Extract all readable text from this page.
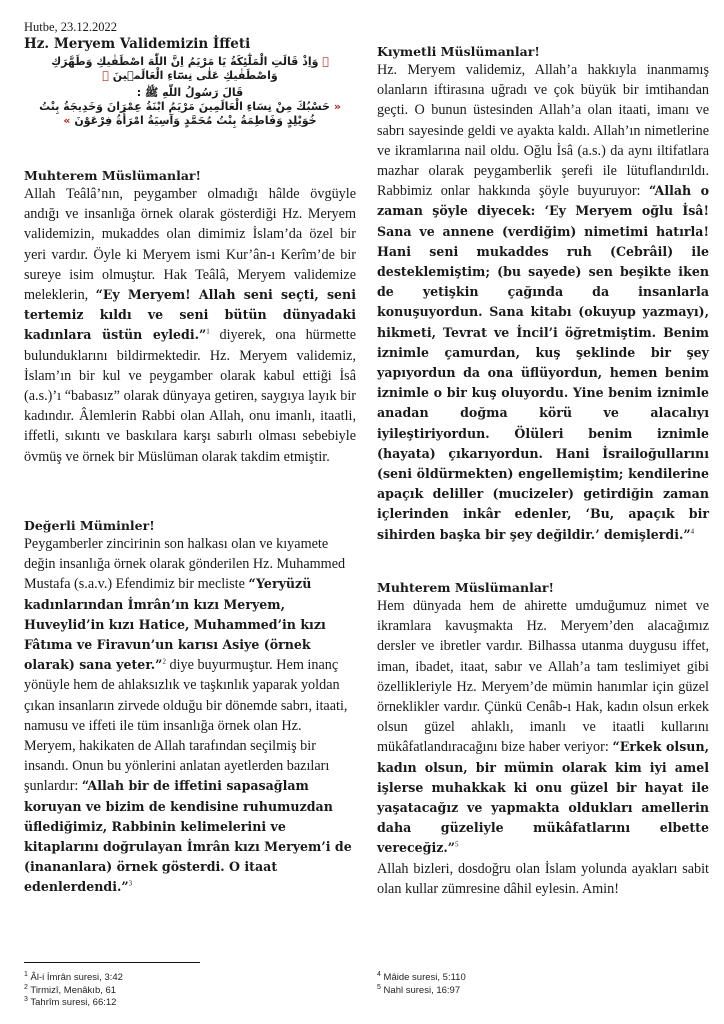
Hutbe, 23.12.2022
Hz. Meryem Validemizin İffeti
﴿ وَاِذْ قَالَتِ الْمَلٰٓئِكَةُ يَا مَرْيَمُ اِنَّ اللّٰهَ اصْطَفٰيكِ وَطَهَّرَكِ وَاصْطَفٰيكِ عَلٰى نِسَٓاءِ الْعَالَم۪ينَ ﴾
قَالَ رَسُولُ اللّٰهِ ﷺ :
« حَسْبُكَ مِنْ نِسَاءِ الْعَالَمِينَ مَرْيَمُ ابْنَةُ عِمْرَانَ وَخَدِيجَةُ بِنْتُ خُوَيْلِدٍ وَفَاطِمَةُ بِنْتُ مُحَمَّدٍ وَآسِيَةُ امْرَأَةُ فِرْعَوْنَ »

Muhterem Müslümanlar!

Allah Teâlâ’nın, peygamber olmadığı hâlde övgüyle andığı ve insanlığa örnek olarak gösterdiği Hz. Meryem validemizin, mukaddes olan dimimiz İslam’da özel bir yeri vardır. Öyle ki Meryem ismi Kur’ân-ı Kerîm’de bir sureye isim olmuştur. Hak Teâlâ, Meryem validemize meleklerin, “Ey Meryem! Allah seni seçti, seni tertemiz kıldı ve seni bütün dünyadaki kadınlara üstün eyledi.”$^1$ diyerek, ona hürmette bulunduklarını bildirmektedir. Hz. Meryem validemiz, İslam’ın bir kul ve peygamber olarak kabul ettiği İsâ (a.s.)’ı “babasız” olarak dünyaya getiren, saygıya layık bir kadındır. Âlemlerin Rabbi olan Allah, onu imanlı, itaatli, iffetli, sıkıntı ve baskılara karşı sabırlı olması sebebiyle övmüş ve örnek bir Müslüman olarak takdim etmiştir.

Değerli Müminler!

Peygamberler zincirinin son halkası olan ve kıyamete değin insanlığa örnek olarak gönderilen Hz. Muhammed Mustafa (s.a.v.) Efendimiz bir mecliste “Yeryüzü kadınlarından İmrân’ın kızı Meryem, Huveylid’in kızı Hatice, Muhammed’in kızı Fâtıma ve Firavun’un karısı Asiye (örnek olarak) sana yeter.”$^2$ diye buyurmuştur. Hem inanç yönüyle hem de ahlaksızlık ve taşkınlık yaparak yoldan çıkan insanların zirvede olduğu bir dönemde sabrı, itaati, namusu ve iffeti ile tüm insanlığa örnek olan Hz. Meryem, hakikaten de Allah tarafından seçilmiş bir insandı. Onun bu yönlerini anlatan ayetlerden bazıları şunlardır: “Allah bir de iffetini sapasağlam koruyan ve bizim de kendisine ruhumuzdan üflediğimiz, Rabbinin kelimelerini ve kitaplarını doğrulayan İmrân kızı Meryem’i de (inananlara) örnek gösterdi. O itaat edenlerdendi.”$^3$

Kıymetli Müslümanlar!

Hz. Meryem validemiz, Allah’a hakkıyla inanmamış olanların iftirasına uğradı ve çok büyük bir imtihandan geçti. O bunun üstesinden Allah’a olan itaati, imanı ve sabrı sayesinde geldi ve ayakta kaldı. Allah’ın nimetlerine ve ikramlarına nail oldu. Oğlu İsâ (a.s.) da aynı iltifatlara mazhar olarak peygamberlik şerefi ile lütuflandırıldı. Rabbimiz onlar hakkında şöyle buyuruyor: “Allah o zaman şöyle diyecek: ‘Ey Meryem oğlu İsâ! Sana ve annene (verdiğim) nimetimi hatırla! Hani seni mukaddes ruh (Cebrâil) ile desteklemiştim; (bu sayede) sen beşikte iken de yetişkin çağında da insanlarla konuşuyordun. Sana kitabı (okuyup yazmayı), hikmeti, Tevrat ve İncil’i öğretmiştim. Benim iznimle çamurdan, kuş şeklinde bir şey yapıyordun da ona üflüyordun, hemen benim iznimle o bir kuş oluyordu. Yine benim iznimle anadan doğma körü ve alacalıyı iyileştiriyordun. Ölüleri benim iznimle (hayata) çıkarıyordun. Hani İsrailoğullarını (seni öldürmekten) engellemiştim; kendilerine apaçık deliller (mucizeler) getirdiğin zaman içlerinden inkâr edenler, ‘Bu, apaçık bir sihirden başka bir şey değildir.’ demişlerdi.”$^4$

Muhterem Müslümanlar!

Hem dünyada hem de ahirette umduğumuz nimet ve ikramlara kavuşmakta Hz. Meryem’den alacağımız dersler ve ibretler vardır. Bilhassa utanma duygusu iffet, iman, ibadet, itaat, sabır ve Allah’a tam teslimiyet gibi özellikleriyle Hz. Meryem’de mümin hanımlar için güzel örneklikler vardır. Çünkü Cenâb-ı Hak, kadın olsun erkek olsun güzel ahlaklı, imanlı ve itaatli kullarını mükâfatlandıracağını bize haber veriyor: “Erkek olsun, kadın olsun, bir mümin olarak kim iyi amel işlerse muhakkak ki onu güzel bir hayat ile yaşatacağız ve yapmakta oldukları amellerin daha güzeliyle mükâfatlarını elbette vereceğiz.”$^5$

Allah bizleri, dosdoğru olan İslam yolunda ayakları sabit olan kullar zümresine dâhil eylesin. Amin!

$^1$ Âl-i İmrân suresi, 3:42
$^2$ Tirmizî, Menâkıb, 61
$^3$ Tahrîm suresi, 66:12
$^4$ Mâide suresi, 5:110
$^5$ Nahl suresi, 16:97
